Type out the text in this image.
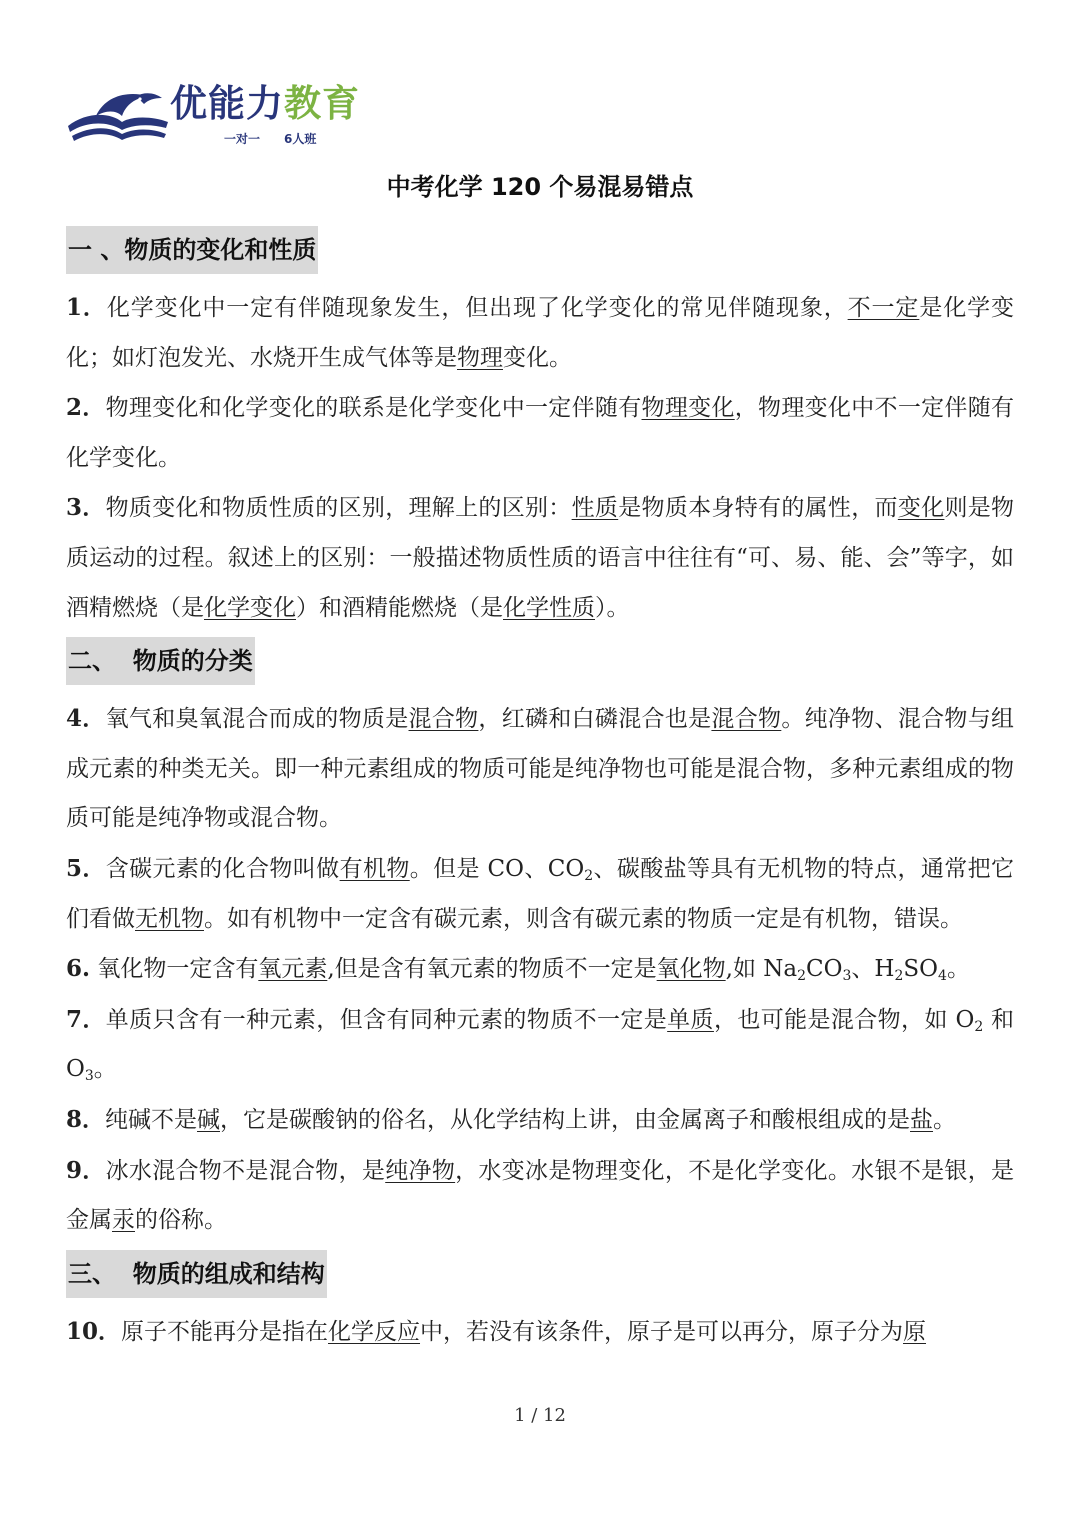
优能力教育
一对一 6人班
中考化学 120 个易混易错点
一 、物质的变化和性质

1．化学变化中一定有伴随现象发生，但出现了化学变化的常见伴随现象，不一定是化学变化；如灯泡发光、水烧开生成气体等是物理变化。

2．物理变化和化学变化的联系是化学变化中一定伴随有物理变化，物理变化中不一定伴随有化学变化。

3．物质变化和物质性质的区别，理解上的区别：性质是物质本身特有的属性，而变化则是物质运动的过程。叙述上的区别：一般描述物质性质的语言中往往有“可、易、能、会”等字，如酒精燃烧（是化学变化）和酒精能燃烧（是化学性质）。

二、  物质的分类

4．氧气和臭氧混合而成的物质是混合物，红磷和白磷混合也是混合物。纯净物、混合物与组成元素的种类无关。即一种元素组成的物质可能是纯净物也可能是混合物，多种元素组成的物质可能是纯净物或混合物。

5．含碳元素的化合物叫做有机物。但是 CO、$CO_2$、碳酸盐等具有无机物的特点，通常把它们看做无机物。如有机物中一定含有碳元素，则含有碳元素的物质一定是有机物，错误。

6. 氧化物一定含有氧元素,但是含有氧元素的物质不一定是氧化物,如 $Na_2CO_3$、$H_2SO_4$。

7．单质只含有一种元素，但含有同种元素的物质不一定是单质，也可能是混合物，如 $O_2$ 和 $O_3$。

8．纯碱不是碱，它是碳酸钠的俗名，从化学结构上讲，由金属离子和酸根组成的是盐。

9．冰水混合物不是混合物，是纯净物，水变冰是物理变化，不是化学变化。水银不是银，是金属汞的俗称。

三、  物质的组成和结构

10．原子不能再分是指在化学反应中，若没有该条件，原子是可以再分，原子分为原

1 / 12
